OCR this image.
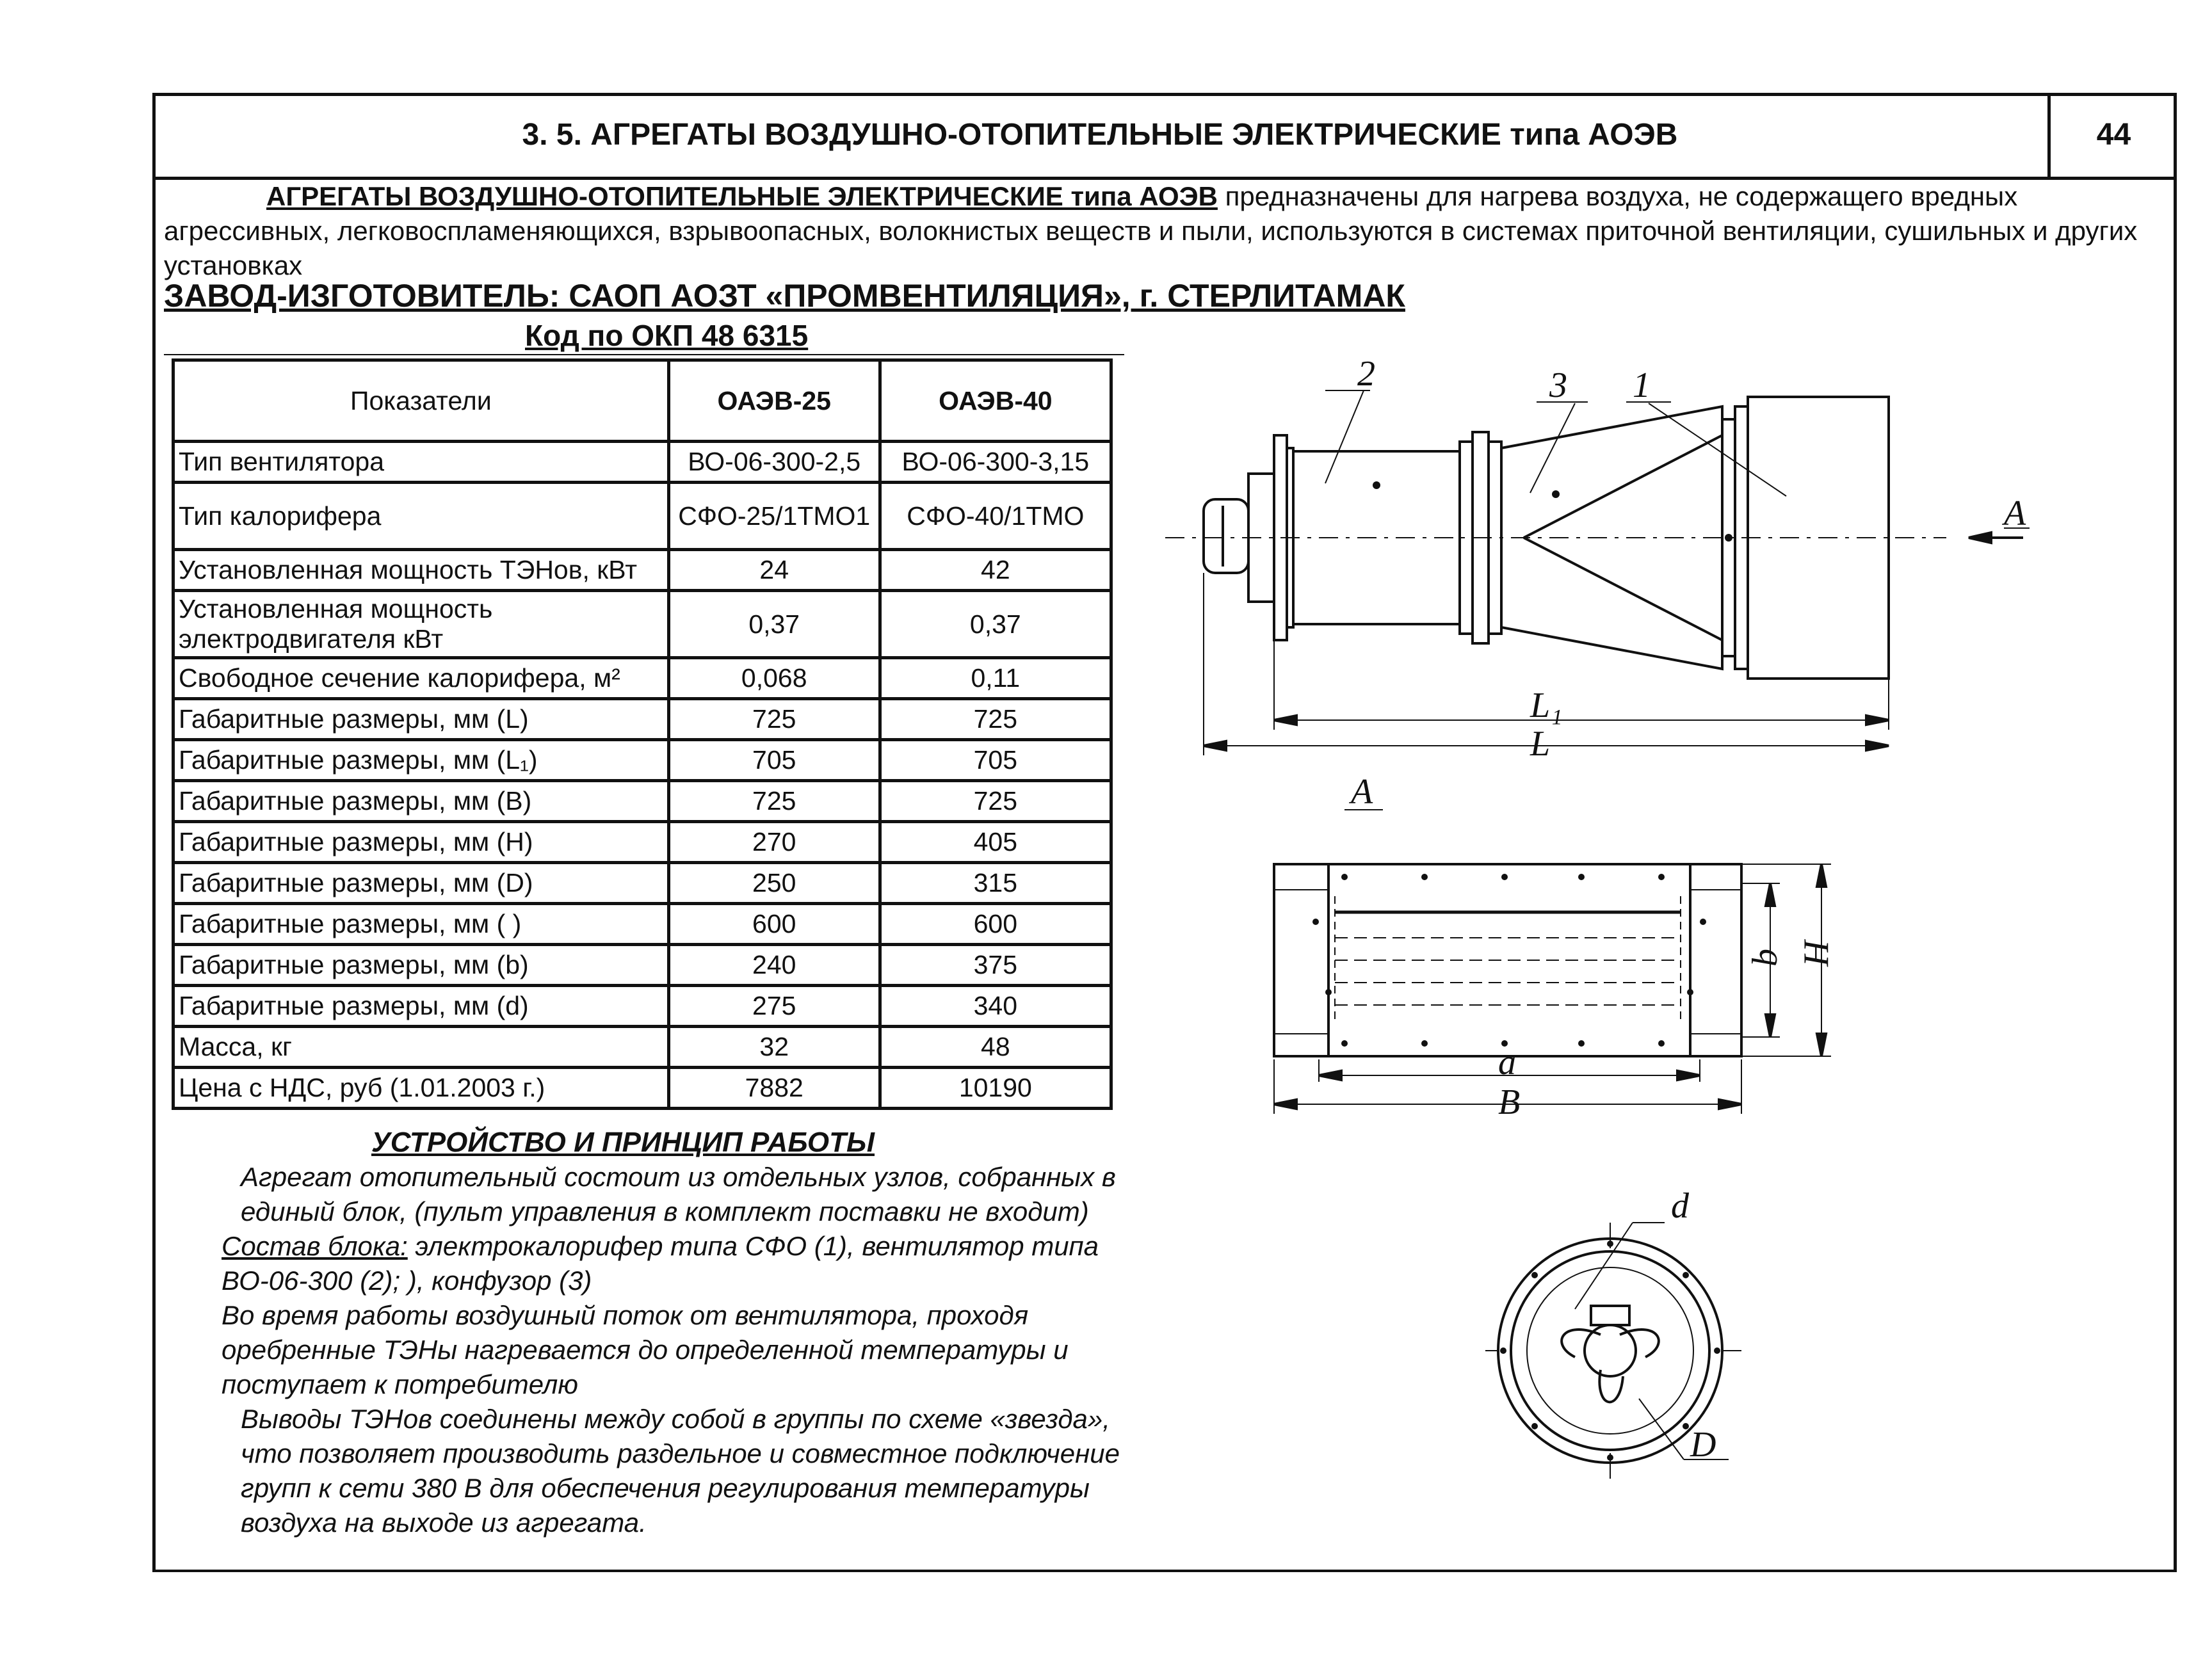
3. 5. АГРЕГАТЫ ВОЗДУШНО-ОТОПИТЕЛЬНЫЕ ЭЛЕКТРИЧЕСКИЕ типа АОЭВ	44
АГРЕГАТЫ ВОЗДУШНО-ОТОПИТЕЛЬНЫЕ ЭЛЕКТРИЧЕСКИЕ типа АОЭВ предназначены для нагрева воздуха, не содержащего вредных агрессивных, легковоспламеняющихся, взрывоопасных, волокнистых веществ и пыли, используются в системах приточной вентиляции, сушильных и других установках
ЗАВОД-ИЗГОТОВИТЕЛЬ: САОП АОЗТ «ПРОМВЕНТИЛЯЦИЯ», г. СТЕРЛИТАМАК
Код по ОКП 48 6315
Показатели	ОАЭВ-25	ОАЭВ-40
Тип вентилятора	ВО-06-300-2,5	ВО-06-300-3,15
Тип калорифера	СФО-25/1ТМО1	СФО-40/1ТМО
Установленная мощность ТЭНов, кВт	24	42
Установленная мощность электродвигателя кВт	0,37	0,37
Свободное сечение калорифера, м²	0,068	0,11
Габаритные размеры, мм (L)	725	725
Габаритные размеры, мм (L₁)	705	705
Габаритные размеры, мм (B)	725	725
Габаритные размеры, мм (H)	270	405
Габаритные размеры, мм (D)	250	315
Габаритные размеры, мм ( )	600	600
Габаритные размеры, мм (b)	240	375
Габаритные размеры, мм (d)	275	340
Масса, кг	32	48
Цена с НДС, руб (1.01.2003 г.)	7882	10190
УСТРОЙСТВО И ПРИНЦИП РАБОТЫ

Агрегат отопительный состоит из отдельных узлов, собранных в единый блок, (пульт управления в комплект поставки не входит)

Состав блока: электрокалорифер типа СФО (1), вентилятор типа ВО-06-300 (2); ), конфузор (3)

Во время работы воздушный поток от вентилятора, проходя оребренные ТЭНы нагревается до определенной температуры и поступает к потребителю

Выводы ТЭНов соединены между собой в группы по схеме «звезда», что позволяет производить раздельное и совместное подключение групп к сети 380 В для обеспечения регулирования температуры воздуха на выходе из агрегата.

2	3 1
A
L₁
L
A
b H
a
B
d
D
